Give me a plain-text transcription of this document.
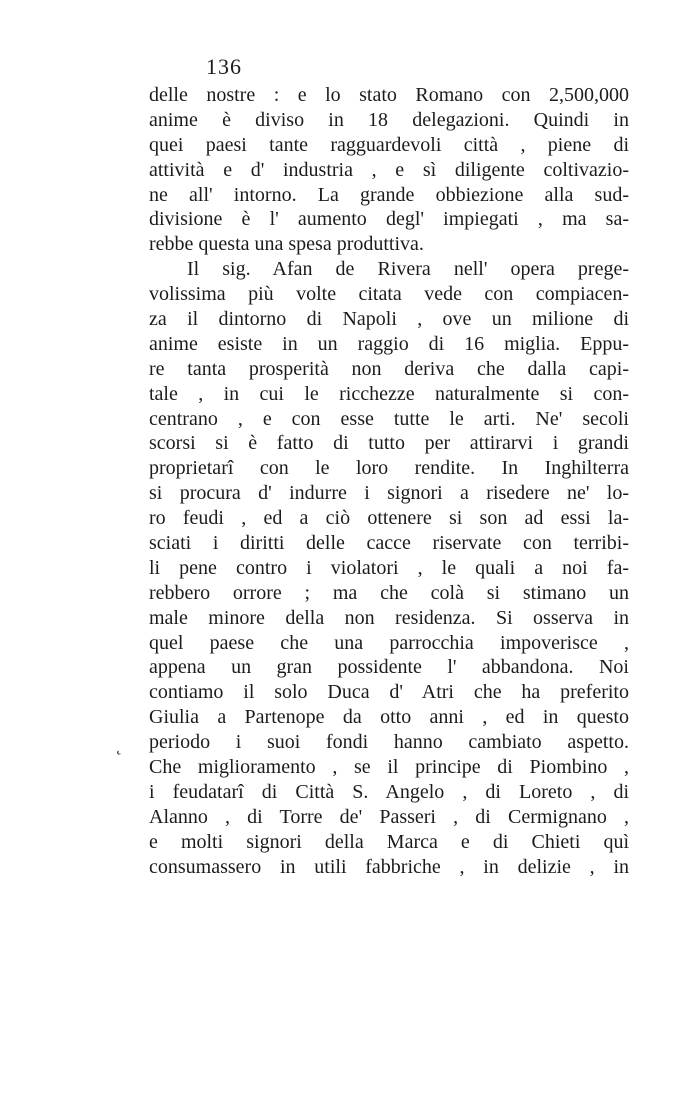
136
˛
delle nostre : e lo stato Romano con 2,500,000
anime è diviso in 18 delegazioni. Quindi in
quei paesi tante ragguardevoli città , piene di
attività e d' industria , e sì diligente coltivazio-
ne all' intorno. La grande obbiezione alla sud-
divisione è l' aumento degl' impiegati , ma sa-
rebbe questa una spesa produttiva.
Il sig. Afan de Rivera nell' opera prege-
volissima più volte citata vede con compiacen-
za il dintorno di Napoli , ove un milione di
anime esiste in un raggio di 16 miglia. Eppu-
re tanta prosperità non deriva che dalla capi-
tale , in cui le ricchezze naturalmente si con-
centrano , e con esse tutte le arti. Ne' secoli
scorsi si è fatto di tutto per attirarvi i grandi
proprietarî con le loro rendite. In Inghilterra
si procura d' indurre i signori a risedere ne' lo-
ro feudi , ed a ciò ottenere si son ad essi la-
sciati i diritti delle cacce riservate con terribi-
li pene contro i violatori , le quali a noi fa-
rebbero orrore ; ma che colà si stimano un
male minore della non residenza. Si osserva in
quel paese che una parrocchia impoverisce ,
appena un gran possidente l' abbandona. Noi
contiamo il solo Duca d' Atri che ha preferito
Giulia a Partenope da otto anni , ed in questo
periodo i suoi fondi hanno cambiato aspetto.
Che miglioramento , se il principe di Piombino ,
i feudatarî di Città S. Angelo , di Loreto , di
Alanno , di Torre de' Passeri , di Cermignano ,
e molti signori della Marca e di Chieti quì
consumassero in utili fabbriche , in delizie , in
